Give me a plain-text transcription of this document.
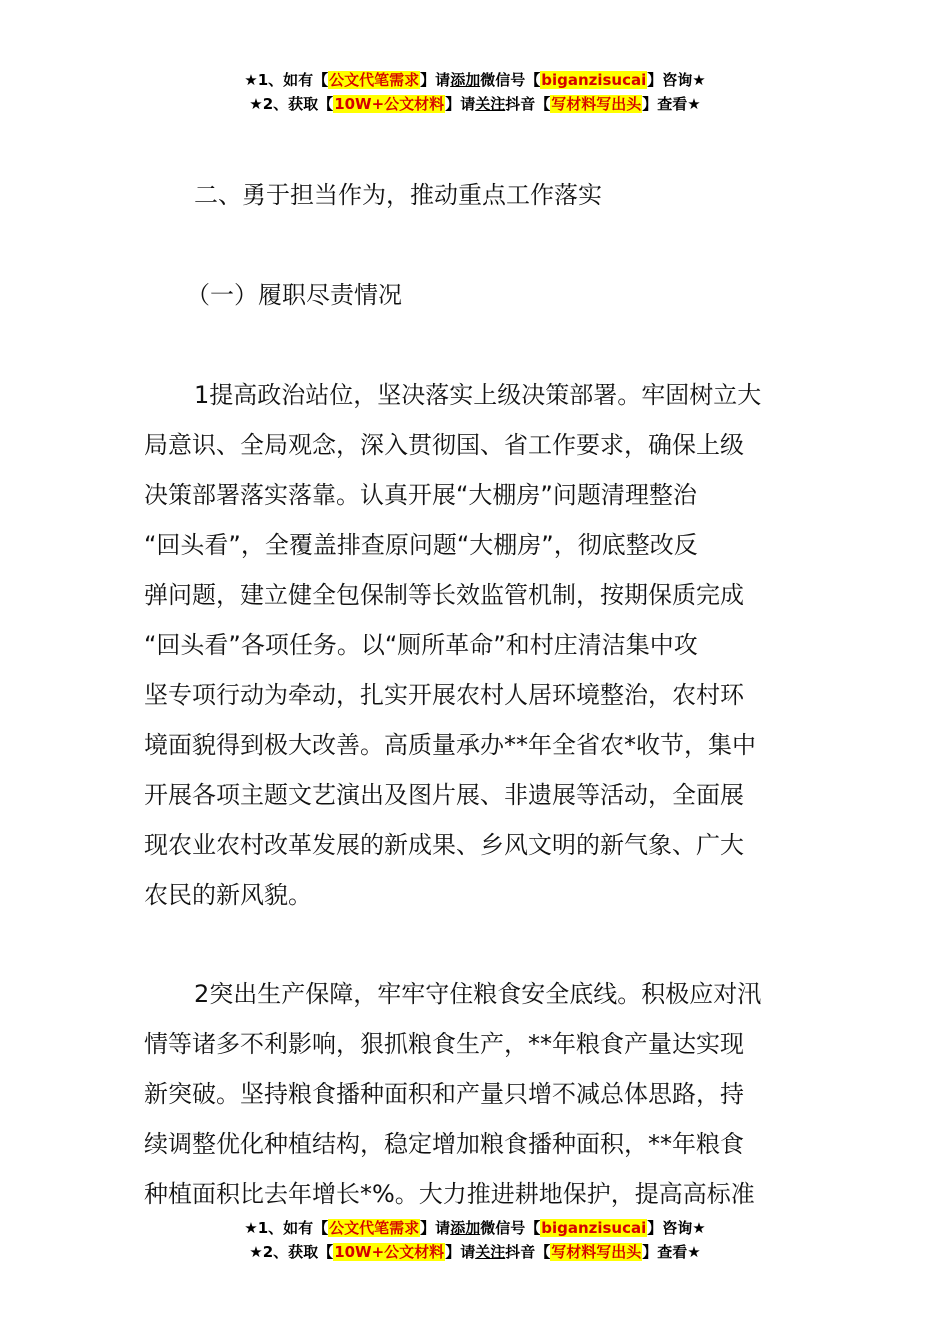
★1、如有【公文代笔需求】请添加微信号【biganzisucai】咨询★
★2、获取【10W+公文材料】请关注抖音【写材料写出头】查看★
二、勇于担当作为，推动重点工作落实
（一）履职尽责情况
1提高政治站位，坚决落实上级决策部署。牢固树立大
局意识、全局观念，深入贯彻国、省工作要求，确保上级
决策部署落实落靠。认真开展“大棚房”问题清理整治
“回头看”，全覆盖排查原问题“大棚房”，彻底整改反
弹问题，建立健全包保制等长效监管机制，按期保质完成
“回头看”各项任务。以“厕所革命”和村庄清洁集中攻
坚专项行动为牵动，扎实开展农村人居环境整治，农村环
境面貌得到极大改善。高质量承办**年全省农*收节，集中
开展各项主题文艺演出及图片展、非遗展等活动，全面展
现农业农村改革发展的新成果、乡风文明的新气象、广大
农民的新风貌。
2突出生产保障，牢牢守住粮食安全底线。积极应对汛
情等诸多不利影响，狠抓粮食生产，**年粮食产量达实现
新突破。坚持粮食播种面积和产量只增不减总体思路，持
续调整优化种植结构，稳定增加粮食播种面积，**年粮食
种植面积比去年增长*%。大力推进耕地保护，提高高标准
★1、如有【公文代笔需求】请添加微信号【biganzisucai】咨询★
★2、获取【10W+公文材料】请关注抖音【写材料写出头】查看★
